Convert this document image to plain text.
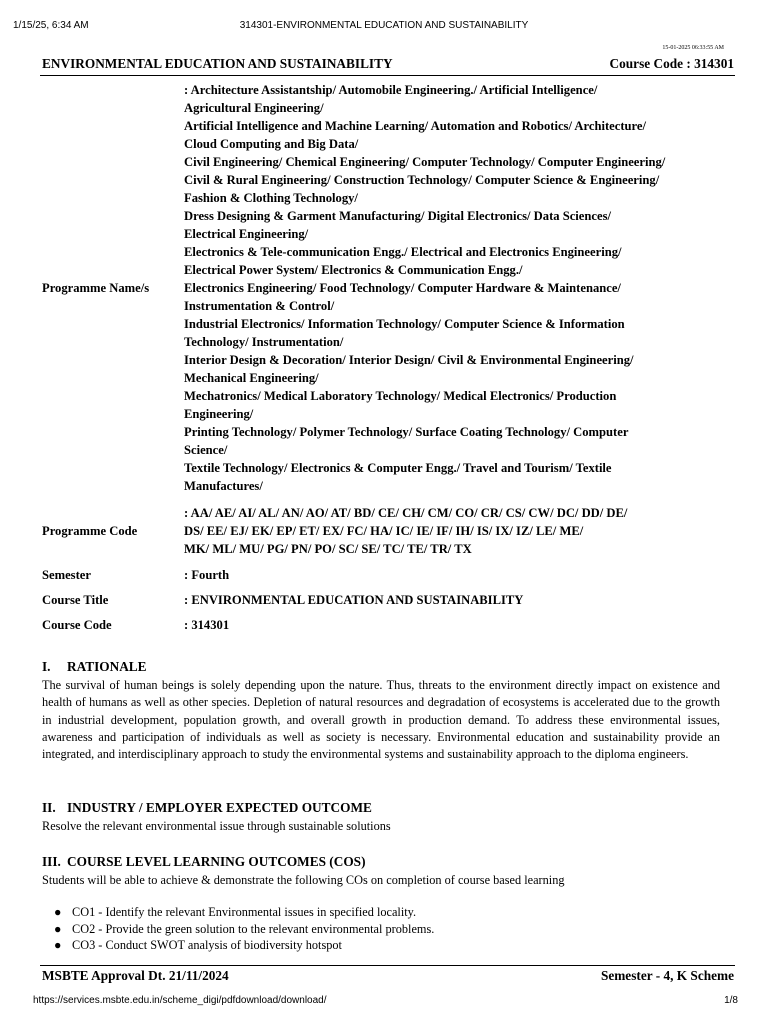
1/15/25, 6:34 AM	314301-ENVIRONMENTAL EDUCATION AND SUSTAINABILITY
15-01-2025 06:33:55 AM
ENVIRONMENTAL EDUCATION AND SUSTAINABILITY	Course Code : 314301
Programme Name/s
: Architecture Assistantship/ Automobile Engineering./ Artificial Intelligence/
Agricultural Engineering/
Artificial Intelligence and Machine Learning/ Automation and Robotics/ Architecture/
Cloud Computing and Big Data/
Civil Engineering/ Chemical Engineering/ Computer Technology/ Computer Engineering/
Civil & Rural Engineering/ Construction Technology/ Computer Science & Engineering/
Fashion & Clothing Technology/
Dress Designing & Garment Manufacturing/ Digital Electronics/ Data Sciences/
Electrical Engineering/
Electronics & Tele-communication Engg./ Electrical and Electronics Engineering/
Electrical Power System/ Electronics & Communication Engg./
Electronics Engineering/ Food Technology/ Computer Hardware & Maintenance/
Instrumentation & Control/
Industrial Electronics/ Information Technology/ Computer Science & Information
Technology/ Instrumentation/
Interior Design & Decoration/ Interior Design/ Civil & Environmental Engineering/
Mechanical Engineering/
Mechatronics/ Medical Laboratory Technology/ Medical Electronics/ Production
Engineering/
Printing Technology/ Polymer Technology/ Surface Coating Technology/ Computer
Science/
Textile Technology/ Electronics & Computer Engg./ Travel and Tourism/ Textile
Manufactures/
Programme Code
: AA/ AE/ AI/ AL/ AN/ AO/ AT/ BD/ CE/ CH/ CM/ CO/ CR/ CS/ CW/ DC/ DD/ DE/
DS/ EE/ EJ/ EK/ EP/ ET/ EX/ FC/ HA/ IC/ IE/ IF/ IH/ IS/ IX/ IZ/ LE/ ME/
MK/ ML/ MU/ PG/ PN/ PO/ SC/ SE/ TC/ TE/ TR/ TX
Semester	: Fourth
Course Title	: ENVIRONMENTAL EDUCATION AND SUSTAINABILITY
Course Code	: 314301
I. RATIONALE
The survival of human beings is solely depending upon the nature. Thus, threats to the environment directly impact on existence and health of humans as well as other species. Depletion of natural resources and degradation of ecosystems is accelerated due to the growth in industrial development, population growth, and overall growth in production demand. To address these environmental issues, awareness and participation of individuals as well as society is necessary. Environmental education and sustainability provide an integrated, and interdisciplinary approach to study the environmental systems and sustainability approach to the diploma engineers.
II. INDUSTRY / EMPLOYER EXPECTED OUTCOME
Resolve the relevant environmental issue through sustainable solutions
III. COURSE LEVEL LEARNING OUTCOMES (COS)
Students will be able to achieve & demonstrate the following COs on completion of course based learning
● CO1 - Identify the relevant Environmental issues in specified locality.
● CO2 - Provide the green solution to the relevant environmental problems.
● CO3 - Conduct SWOT analysis of biodiversity hotspot
MSBTE Approval Dt. 21/11/2024	Semester - 4, K Scheme
https://services.msbte.edu.in/scheme_digi/pdfdownload/download/	1/8
